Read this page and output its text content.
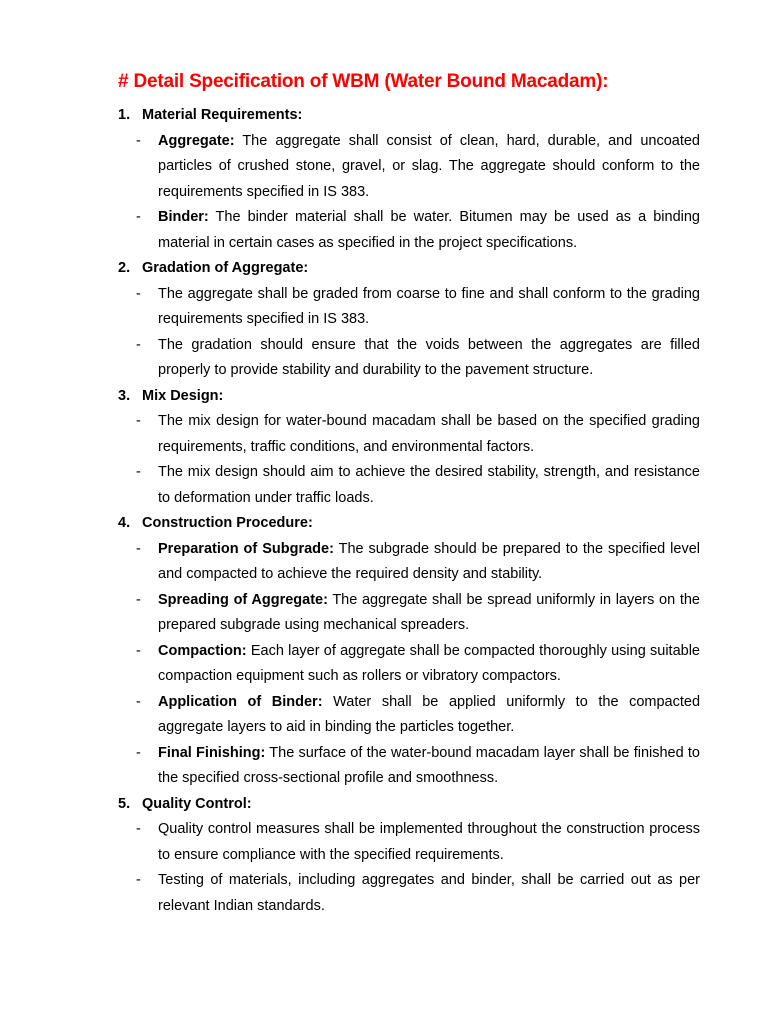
# Detail Specification of WBM (Water Bound Macadam):
1. Material Requirements:
-	Aggregate: The aggregate shall consist of clean, hard, durable, and uncoated particles of crushed stone, gravel, or slag. The aggregate should conform to the requirements specified in IS 383.
-	Binder: The binder material shall be water. Bitumen may be used as a binding material in certain cases as specified in the project specifications.
2. Gradation of Aggregate:
-	The aggregate shall be graded from coarse to fine and shall conform to the grading requirements specified in IS 383.
-	The gradation should ensure that the voids between the aggregates are filled properly to provide stability and durability to the pavement structure.
3. Mix Design:
-	The mix design for water-bound macadam shall be based on the specified grading requirements, traffic conditions, and environmental factors.
-	The mix design should aim to achieve the desired stability, strength, and resistance to deformation under traffic loads.
4. Construction Procedure:
-	Preparation of Subgrade: The subgrade should be prepared to the specified level and compacted to achieve the required density and stability.
-	Spreading of Aggregate: The aggregate shall be spread uniformly in layers on the prepared subgrade using mechanical spreaders.
-	Compaction: Each layer of aggregate shall be compacted thoroughly using suitable compaction equipment such as rollers or vibratory compactors.
-	Application of Binder: Water shall be applied uniformly to the compacted aggregate layers to aid in binding the particles together.
-	Final Finishing: The surface of the water-bound macadam layer shall be finished to the specified cross-sectional profile and smoothness.
5. Quality Control:
-	Quality control measures shall be implemented throughout the construction process to ensure compliance with the specified requirements.
-	Testing of materials, including aggregates and binder, shall be carried out as per relevant Indian standards.
